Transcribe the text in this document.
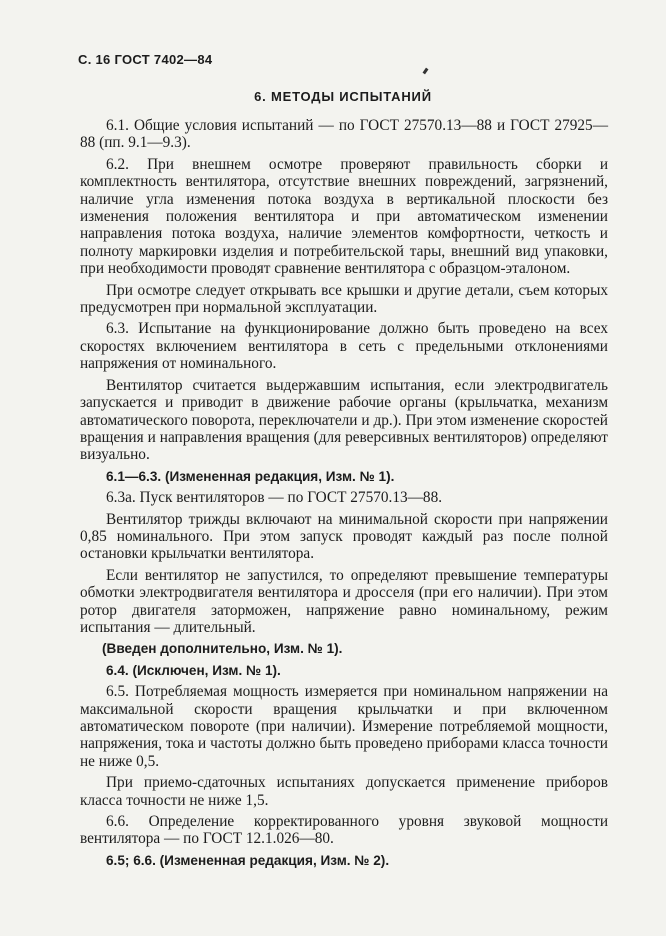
С. 16 ГОСТ 7402—84
6. МЕТОДЫ ИСПЫТАНИЙ

6.1. Общие условия испытаний — по ГОСТ 27570.13—88 и ГОСТ 27925—88 (пп. 9.1—9.3).

6.2. При внешнем осмотре проверяют правильность сборки и комплектность вентилятора, отсутствие внешних повреждений, загрязнений, наличие угла изменения потока воздуха в вертикальной плоскости без изменения положения вентилятора и при автоматическом изменении направления потока воздуха, наличие элементов комфортности, четкость и полноту маркировки изделия и потребительской тары, внешний вид упаковки, при необходимости проводят сравнение вентилятора с образцом-эталоном.

При осмотре следует открывать все крышки и другие детали, съем которых предусмотрен при нормальной эксплуатации.

6.3. Испытание на функционирование должно быть проведено на всех скоростях включением вентилятора в сеть с предельными отклонениями напряжения от номинального.

Вентилятор считается выдержавшим испытания, если электродвигатель запускается и приводит в движение рабочие органы (крыльчатка, механизм автоматического поворота, переключатели и др.). При этом изменение скоростей вращения и направления вращения (для реверсивных вентиляторов) определяют визуально.

6.1—6.3. (Измененная редакция, Изм. № 1).

6.3а. Пуск вентиляторов — по ГОСТ 27570.13—88.

Вентилятор трижды включают на минимальной скорости при напряжении 0,85 номинального. При этом запуск проводят каждый раз после полной остановки крыльчатки вентилятора.

Если вентилятор не запустился, то определяют превышение температуры обмотки электродвигателя вентилятора и дросселя (при его наличии). При этом ротор двигателя заторможен, напряжение равно номинальному, режим испытания — длительный.

(Введен дополнительно, Изм. № 1).

6.4. (Исключен, Изм. № 1).

6.5. Потребляемая мощность измеряется при номинальном напряжении на максимальной скорости вращения крыльчатки и при включенном автоматическом повороте (при наличии). Измерение потребляемой мощности, напряжения, тока и частоты должно быть проведено приборами класса точности не ниже 0,5.

При приемо-сдаточных испытаниях допускается применение приборов класса точности не ниже 1,5.

6.6. Определение корректированного уровня звуковой мощности вентилятора — по ГОСТ 12.1.026—80.

6.5; 6.6. (Измененная редакция, Изм. № 2).
